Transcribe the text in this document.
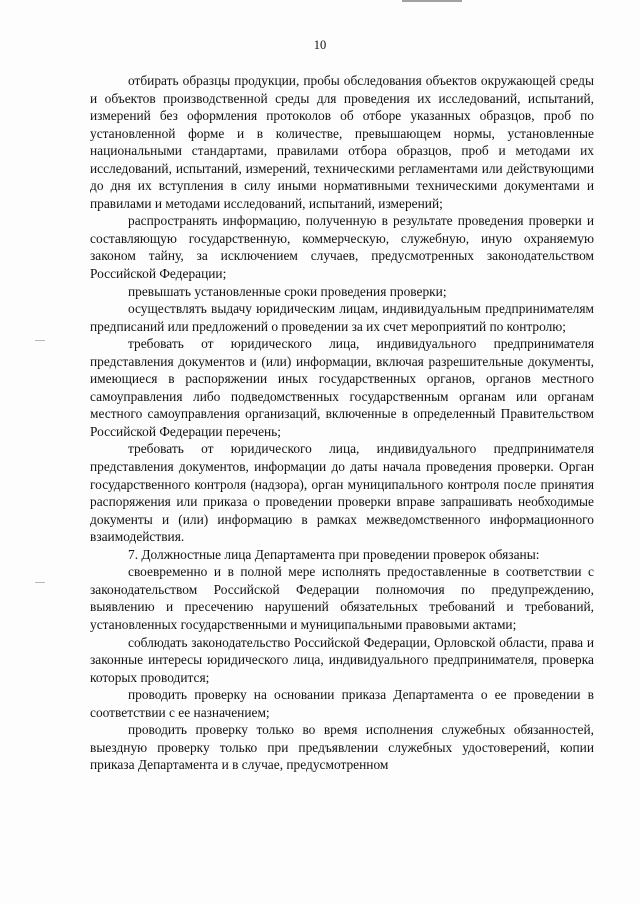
10

отбирать образцы продукции, пробы обследования объектов окружающей среды и объектов производственной среды для проведения их исследований, испытаний, измерений без оформления протоколов об отборе указанных образцов, проб по установленной форме и в количестве, превышающем нормы, установленные национальными стандартами, правилами отбора образцов, проб и методами их исследований, испытаний, измерений, техническими регламентами или действующими до дня их вступления в силу иными нормативными техническими документами и правилами и методами исследований, испытаний, измерений;

распространять информацию, полученную в результате проведения проверки и составляющую государственную, коммерческую, служебную, иную охраняемую законом тайну, за исключением случаев, предусмотренных законодательством Российской Федерации;

превышать установленные сроки проведения проверки;

осуществлять выдачу юридическим лицам, индивидуальным предпринимателям предписаний или предложений о проведении за их счет мероприятий по контролю;

требовать от юридического лица, индивидуального предпринимателя представления документов и (или) информации, включая разрешительные документы, имеющиеся в распоряжении иных государственных органов, органов местного самоуправления либо подведомственных государственным органам или органам местного самоуправления организаций, включенные в определенный Правительством Российской Федерации перечень;

требовать от юридического лица, индивидуального предпринимателя представления документов, информации до даты начала проведения проверки. Орган государственного контроля (надзора), орган муниципального контроля после принятия распоряжения или приказа о проведении проверки вправе запрашивать необходимые документы и (или) информацию в рамках межведомственного информационного взаимодействия.

7. Должностные лица Департамента при проведении проверок обязаны:

своевременно и в полной мере исполнять предоставленные в соответствии с законодательством Российской Федерации полномочия по предупреждению, выявлению и пресечению нарушений обязательных требований и требований, установленных государственными и муниципальными правовыми актами;

соблюдать законодательство Российской Федерации, Орловской области, права и законные интересы юридического лица, индивидуального предпринимателя, проверка которых проводится;

проводить проверку на основании приказа Департамента о ее проведении в соответствии с ее назначением;

проводить проверку только во время исполнения служебных обязанностей, выездную проверку только при предъявлении служебных удостоверений, копии приказа Департамента и в случае, предусмотренном
